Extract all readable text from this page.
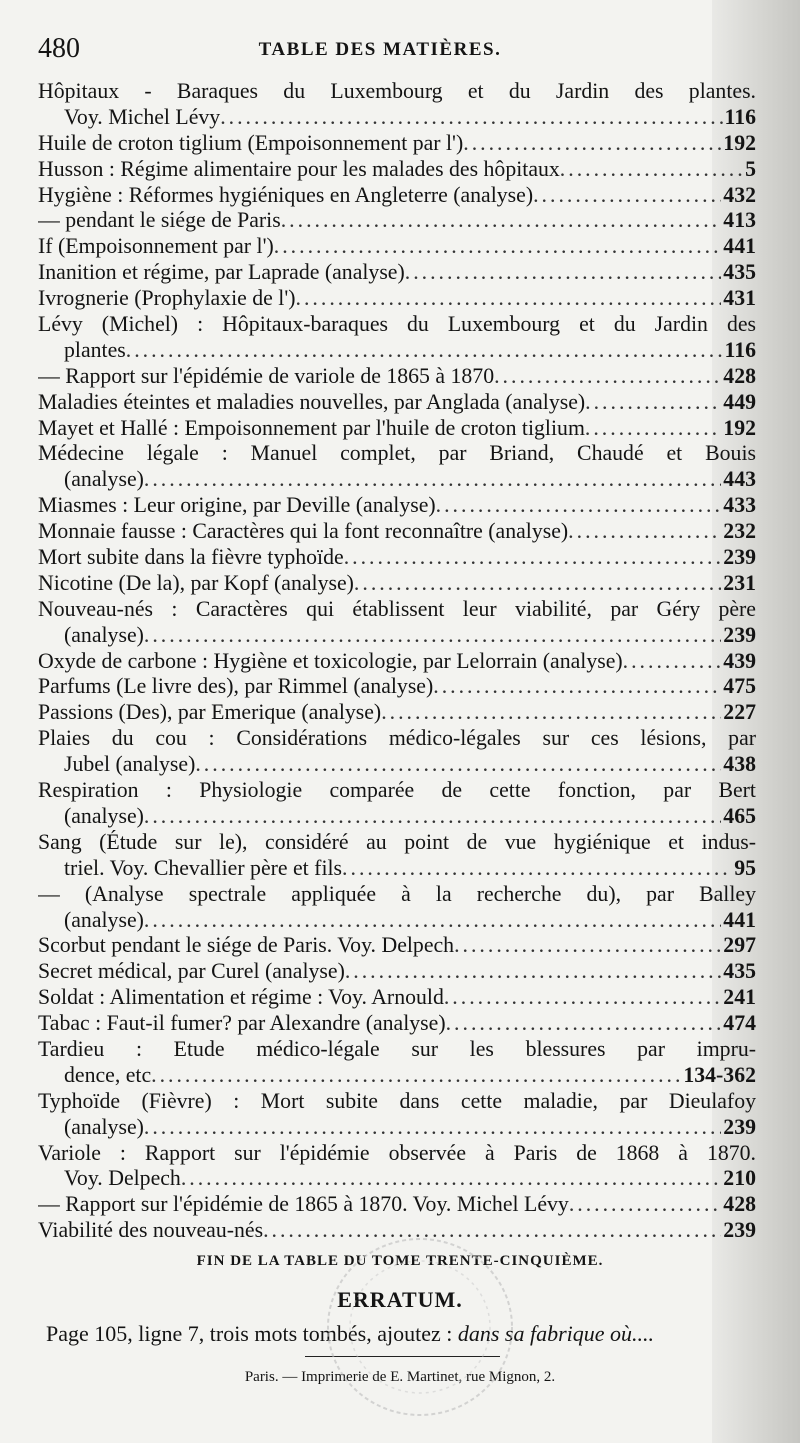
480	TABLE DES MATIÈRES.
Hôpitaux - Baraques du Luxembourg et du Jardin des plantes.
Voy. Michel Lévy .....	116
Huile de croton tiglium (Empoisonnement par l') .....	192
Husson : Régime alimentaire pour les malades des hôpitaux .....	5
Hygiène : Réformes hygiéniques en Angleterre (analyse) .....	432
— pendant le siége de Paris .....	413
If (Empoisonnement par l') .....	441
Inanition et régime, par Laprade (analyse) .....	435
Ivrognerie (Prophylaxie de l') .....	431
Lévy (Michel) : Hôpitaux-baraques du Luxembourg et du Jardin des
plantes .....	116
— Rapport sur l'épidémie de variole de 1865 à 1870 .....	428
Maladies éteintes et maladies nouvelles, par Anglada (analyse) .....	449
Mayet et Hallé : Empoisonnement par l'huile de croton tiglium .....	192
Médecine légale : Manuel complet, par Briand, Chaudé et Bouis
(analyse) .....	443
Miasmes : Leur origine, par Deville (analyse) .....	433
Monnaie fausse : Caractères qui la font reconnaître (analyse) .....	232
Mort subite dans la fièvre typhoïde .....	239
Nicotine (De la), par Kopf (analyse) .....	231
Nouveau-nés : Caractères qui établissent leur viabilité, par Géry père
(analyse) .....	239
Oxyde de carbone : Hygiène et toxicologie, par Lelorrain (analyse) .....	439
Parfums (Le livre des), par Rimmel (analyse) .....	475
Passions (Des), par Emerique (analyse) .....	227
Plaies du cou : Considérations médico-légales sur ces lésions, par
Jubel (analyse) .....	438
Respiration : Physiologie comparée de cette fonction, par Bert
(analyse) .....	465
Sang (Étude sur le), considéré au point de vue hygiénique et indus-
triel. Voy. Chevallier père et fils .....	95
— (Analyse spectrale appliquée à la recherche du), par Balley
(analyse) .....	441
Scorbut pendant le siége de Paris. Voy. Delpech .....	297
Secret médical, par Curel (analyse) .....	435
Soldat : Alimentation et régime : Voy. Arnould .....	241
Tabac : Faut-il fumer? par Alexandre (analyse) .....	474
Tardieu : Etude médico-légale sur les blessures par impru-
dence, etc .....	134-362
Typhoïde (Fièvre) : Mort subite dans cette maladie, par Dieulafoy
(analyse) .....	239
Variole : Rapport sur l'épidémie observée à Paris de 1868 à 1870.
Voy. Delpech .....	210
— Rapport sur l'épidémie de 1865 à 1870. Voy. Michel Lévy .....	428
Viabilité des nouveau-nés .....	239
FIN DE LA TABLE DU TOME TRENTE-CINQUIÈME.
ERRATUM.
Page 105, ligne 7, trois mots tombés, ajoutez : dans sa fabrique où....
Paris. — Imprimerie de E. Martinet, rue Mignon, 2.
